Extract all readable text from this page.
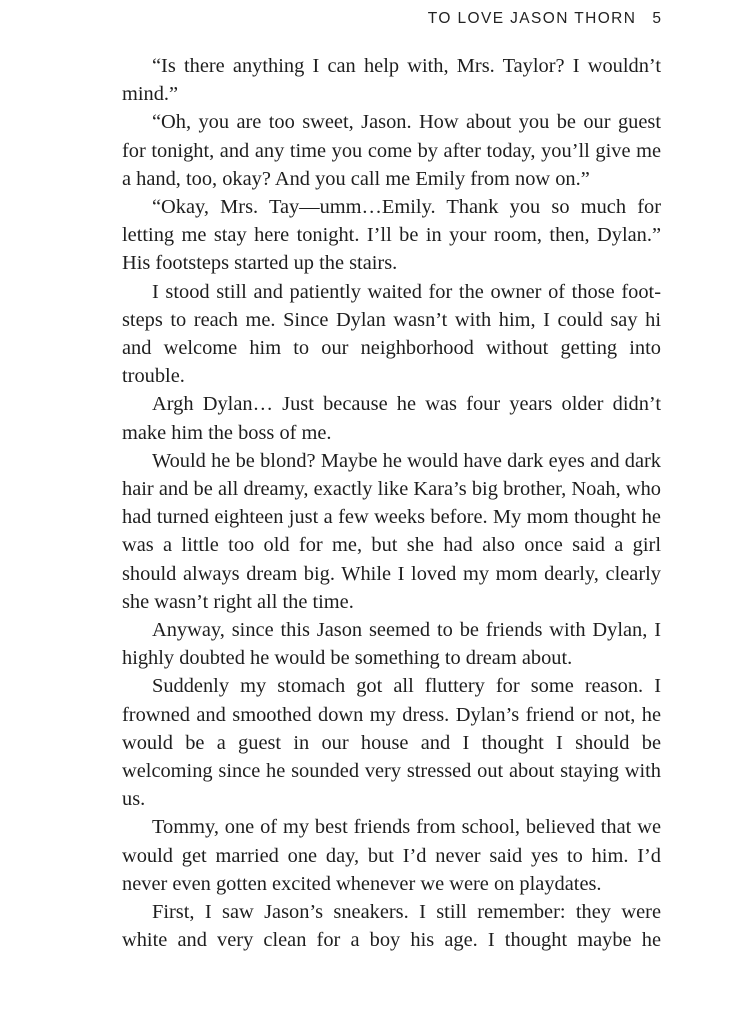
TO LOVE JASON THORN 5

“Is there anything I can help with, Mrs. Taylor? I wouldn’t mind.”

“Oh, you are too sweet, Jason. How about you be our guest for tonight, and any time you come by after today, you’ll give me a hand, too, okay? And you call me Emily from now on.”

“Okay, Mrs. Tay—umm…Emily. Thank you so much for letting me stay here tonight. I’ll be in your room, then, Dylan.” His footsteps started up the stairs.

I stood still and patiently waited for the owner of those foot-steps to reach me. Since Dylan wasn’t with him, I could say hi and welcome him to our neighborhood without getting into trouble.

Argh Dylan… Just because he was four years older didn’t make him the boss of me.

Would he be blond? Maybe he would have dark eyes and dark hair and be all dreamy, exactly like Kara’s big brother, Noah, who had turned eighteen just a few weeks before. My mom thought he was a little too old for me, but she had also once said a girl should always dream big. While I loved my mom dearly, clearly she wasn’t right all the time.

Anyway, since this Jason seemed to be friends with Dylan, I highly doubted he would be something to dream about.

Suddenly my stomach got all fluttery for some reason. I frowned and smoothed down my dress. Dylan’s friend or not, he would be a guest in our house and I thought I should be welcoming since he sounded very stressed out about staying with us.

Tommy, one of my best friends from school, believed that we would get married one day, but I’d never said yes to him. I’d never even gotten excited whenever we were on playdates.

First, I saw Jason’s sneakers. I still remember: they were white and very clean for a boy his age. I thought maybe he
